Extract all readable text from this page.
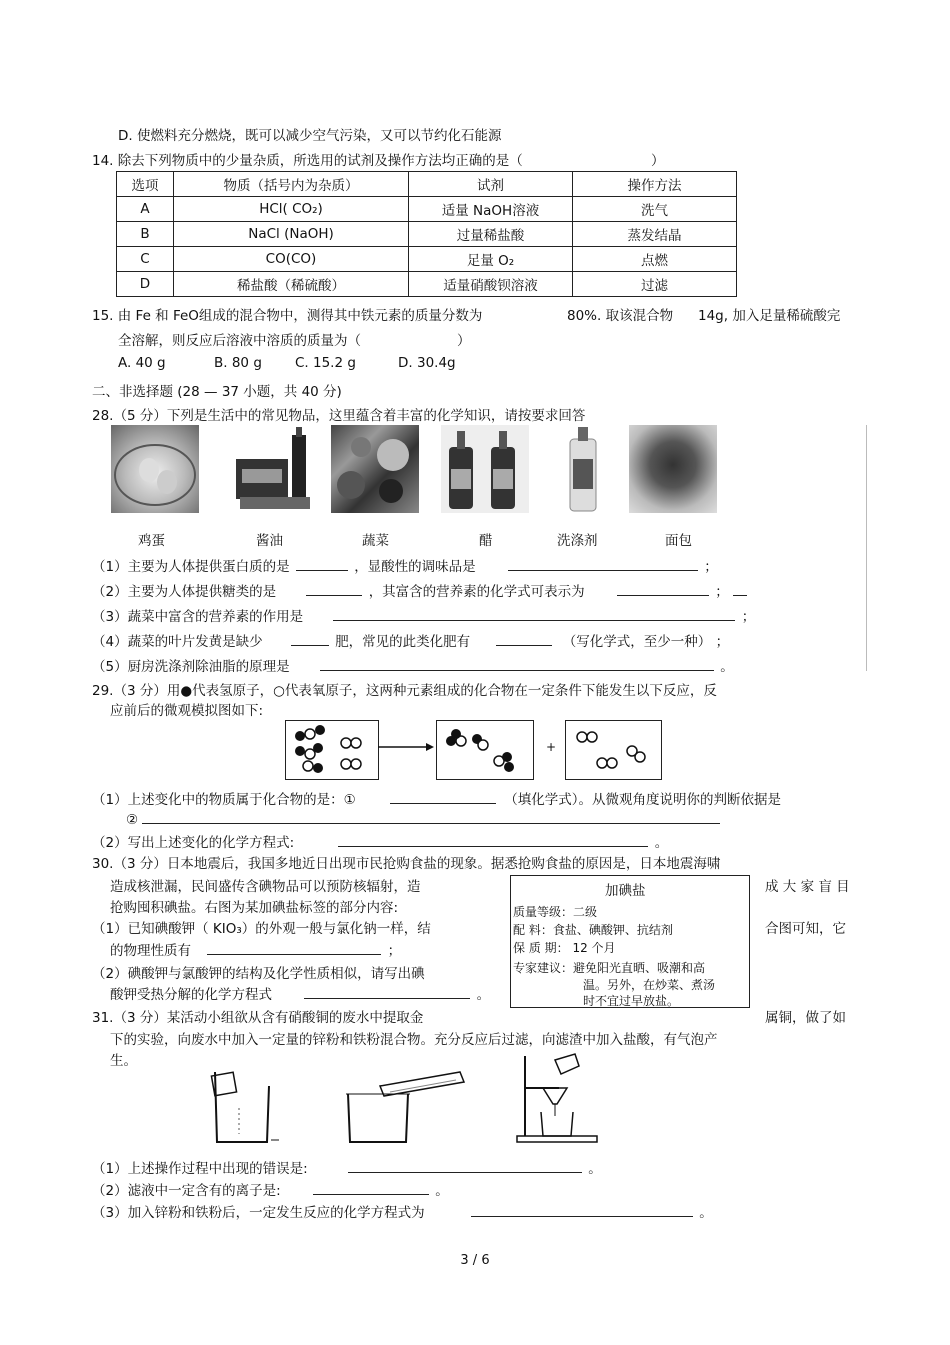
D. 使燃料充分燃烧，既可以减少空气污染，又可以节约化石能源
14. 除去下列物质中的少量杂质，所选用的试剂及操作方法均正确的是（	）
选项	物质（括号内为杂质）	试剂	操作方法
A	HCl( CO₂)	适量 NaOH溶液	洗气
B	NaCl (NaOH)	过量稀盐酸	蒸发结晶
C	CO(CO)	足量 O₂	点燃
D	稀盐酸（稀硫酸）	适量硝酸钡溶液	过滤
15. 由 Fe 和 FeO组成的混合物中，测得其中铁元素的质量分数为	80%. 取该混合物 14g, 加入足量稀硫酸完
全溶解，则反应后溶液中溶质的质量为（	）
A. 40 g	B. 80 g C. 15.2 g	D. 30.4g
二、非选择题 (28 — 37 小题，共 40 分)
28.（5 分）下列是生活中的常见物品，这里蕴含着丰富的化学知识，请按要求回答
鸡蛋	酱油	蔬菜	醋	洗涤剂	面包
（1）主要为人体提供蛋白质的是	，显酸性的调味品是	；
（2）主要为人体提供糖类的是	，其富含的营养素的化学式可表示为	；
（3）蔬菜中富含的营养素的作用是	；
（4）蔬菜的叶片发黄是缺少	肥，常见的此类化肥有	（写化学式，至少一种） ；
（5）厨房洗涤剂除油脂的原理是	。
29.（3 分）用●代表氢原子，○代表氧原子，这两种元素组成的化合物在一定条件下能发生以下反应，反
应前后的微观模拟图如下:
+
（1）上述变化中的物质属于化合物的是：①	（填化学式）。从微观角度说明你的判断依据是
②
（2）写出上述变化的化学方程式:	。
30.（3 分）日本地震后，我国多地近日出现市民抢购食盐的现象。据悉抢购食盐的原因是，日本地震海啸
造成核泄漏，民间盛传含碘物品可以预防核辐射，造	成 大 家 盲 目
抢购囤积碘盐。右图为某加碘盐标签的部分内容:
（1）已知碘酸钾（ KIO₃）的外观一般与氯化钠一样，结	合图可知，它
的物理性质有	；
（2）碘酸钾与氯酸钾的结构及化学性质相似，请写出碘
酸钾受热分解的化学方程式	。
加碘盐
质量等级：二级
配 料：食盐、碘酸钾、抗结剂
保 质 期： 12 个月
专家建议：避免阳光直晒、吸潮和高
温。另外，在炒菜、煮汤
时不宜过早放盐。
31.（3 分）某活动小组欲从含有硝酸铜的废水中提取金	属铜，做了如
下的实验，向废水中加入一定量的锌粉和铁粉混合物。充分反应后过滤，向滤渣中加入盐酸，有气泡产
生。
（1）上述操作过程中出现的错误是:	。
（2）滤液中一定含有的离子是:	。
（3）加入锌粉和铁粉后，一定发生反应的化学方程式为	。
3 / 6
